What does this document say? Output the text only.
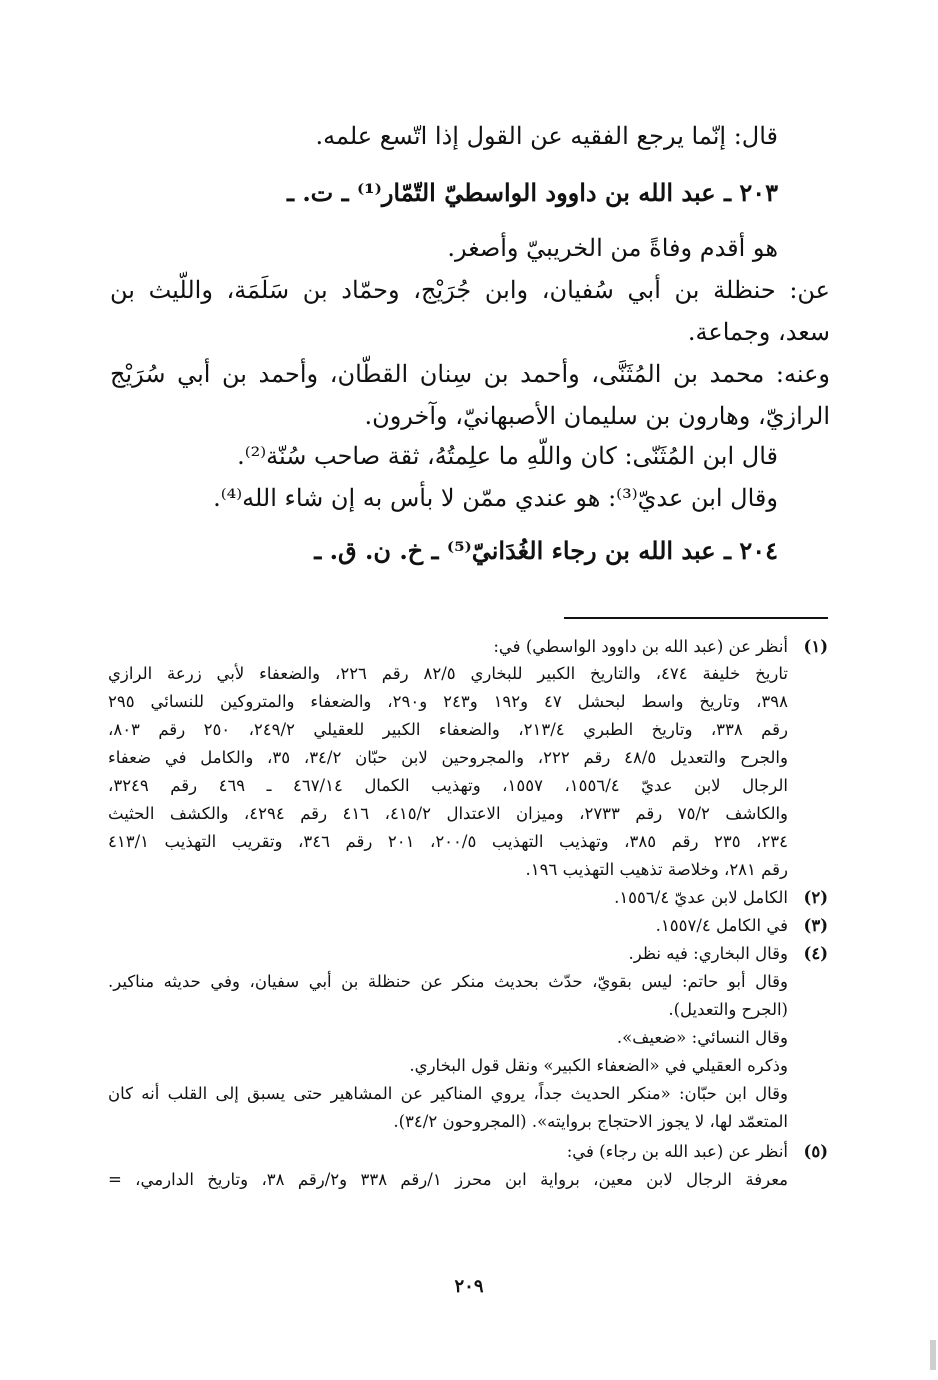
قال: إنّما يرجع الفقيه عن القول إذا اتّسع علمه.
٢٠٣ ـ عبد الله بن داوود الواسطيّ التّمّار⁽¹⁾ ـ ت. ـ
هو أقدم وفاةً من الخريبيّ وأصغر.
عن: حنظلة بن أبي سُفيان، وابن جُرَيْج، وحمّاد بن سَلَمَة، واللّيث بن
سعد، وجماعة.
وعنه: محمد بن المُثَنَّى، وأحمد بن سِنان القطّان، وأحمد بن أبي سُرَيْج
الرازيّ، وهارون بن سليمان الأصبهانيّ، وآخرون.
قال ابن المُثَنّى: كان واللّهِ ما علِمتُهُ، ثقة صاحب سُنّة⁽²⁾.
وقال ابن عديّ⁽³⁾: هو عندي ممّن لا بأس به إن شاء الله⁽⁴⁾.
٢٠٤ ـ عبد الله بن رجاء الغُدَانيّ⁽⁵⁾ ـ خ. ن. ق. ـ
(١)
أنظر عن (عبد الله بن داوود الواسطي) في:
تاريخ خليفة ٤٧٤، والتاريخ الكبير للبخاري ٨٢/٥ رقم ٢٢٦، والضعفاء لأبي زرعة الرازي
٣٩٨، وتاريخ واسط لبحشل ٤٧ و١٩٢ و٢٤٣ و٢٩٠، والضعفاء والمتروكين للنسائي ٢٩٥
رقم ٣٣٨، وتاريخ الطبري ٢١٣/٤، والضعفاء الكبير للعقيلي ٢٤٩/٢، ٢٥٠ رقم ٨٠٣،
والجرح والتعديل ٤٨/٥ رقم ٢٢٢، والمجروحين لابن حبّان ٣٤/٢، ٣٥، والكامل في ضعفاء
الرجال لابن عديّ ١٥٥٦/٤، ١٥٥٧، وتهذيب الكمال ٤٦٧/١٤ ـ ٤٦٩ رقم ٣٢٤٩،
والكاشف ٧٥/٢ رقم ٢٧٣٣، وميزان الاعتدال ٤١٥/٢، ٤١٦ رقم ٤٢٩٤، والكشف الحثيث
٢٣٤، ٢٣٥ رقم ٣٨٥، وتهذيب التهذيب ٢٠٠/٥، ٢٠١ رقم ٣٤٦، وتقريب التهذيب ٤١٣/١
رقم ٢٨١، وخلاصة تذهيب التهذيب ١٩٦.
(٢)
الكامل لابن عديّ ١٥٥٦/٤.
(٣)
في الكامل ١٥٥٧/٤.
(٤)
وقال البخاري: فيه نظر.
وقال أبو حاتم: ليس بقويّ، حدّث بحديث منكر عن حنظلة بن أبي سفيان، وفي حديثه مناكير.
(الجرح والتعديل).
وقال النسائي: «ضعيف».
وذكره العقيلي في «الضعفاء الكبير» ونقل قول البخاري.
وقال ابن حبّان: «منكر الحديث جداً، يروي المناكير عن المشاهير حتى يسبق إلى القلب أنه كان
المتعمّد لها، لا يجوز الاحتجاج بروايته». (المجروحون ٣٤/٢).
(٥)
أنظر عن (عبد الله بن رجاء) في:
معرفة الرجال لابن معين، برواية ابن محرز ١/رقم ٣٣٨ و٢/رقم ٣٨، وتاريخ الدارمي، =
٢٠٩
